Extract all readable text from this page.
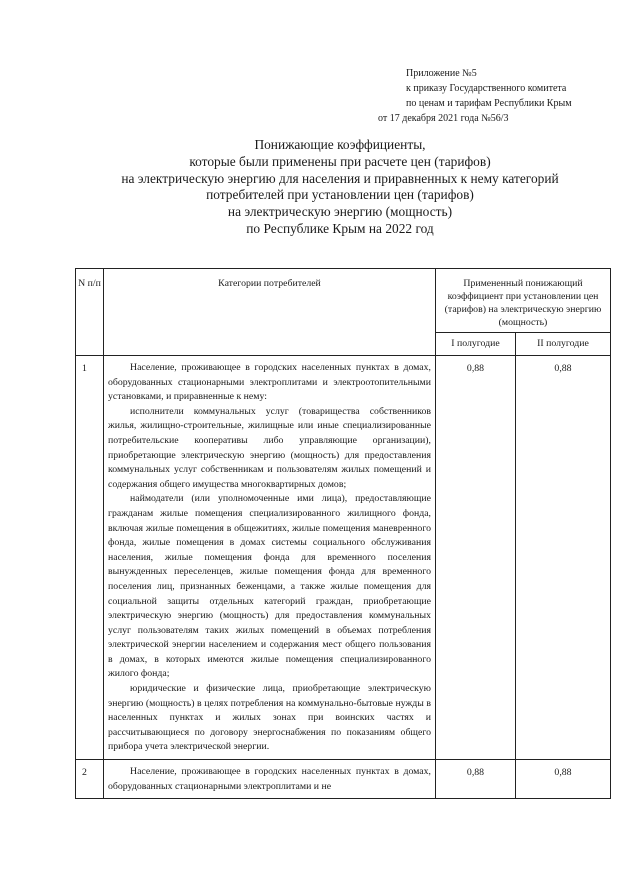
Приложение №5
к приказу Государственного комитета
по ценам и тарифам Республики Крым
от 17 декабря 2021 года №56/3
Понижающие коэффициенты,
которые были применены при расчете цен (тарифов)
на электрическую энергию для населения и приравненных к нему категорий
потребителей при установлении цен (тарифов)
на электрическую энергию (мощность)
по Республике Крым на 2022 год
N п/п	Категории потребителей	Примененный понижающий коэффициент при установлении цен (тарифов) на электрическую энергию (мощность)	
		I полугодие	II полугодие
1	Население, проживающее в городских населенных пунктах в домах, оборудованных стационарными электроплитами и электроотопительными установками, и приравненные к нему:

исполнители коммунальных услуг (товарищества собственников жилья, жилищно-строительные, жилищные или иные специализированные потребительские кооперативы либо управляющие организации), приобретающие электрическую энергию (мощность) для предоставления коммунальных услуг собственникам и пользователям жилых помещений и содержания общего имущества многоквартирных домов;

наймодатели (или уполномоченные ими лица), предоставляющие гражданам жилые помещения специализированного жилищного фонда, включая жилые помещения в общежитиях, жилые помещения маневренного фонда, жилые помещения в домах системы социального обслуживания населения, жилые помещения фонда для временного поселения вынужденных переселенцев, жилые помещения фонда для временного поселения лиц, признанных беженцами, а также жилые помещения для социальной защиты отдельных категорий граждан, приобретающие электрическую энергию (мощность) для предоставления коммунальных услуг пользователям таких жилых помещений в объемах потребления электрической энергии населением и содержания мест общего пользования в домах, в которых имеются жилые помещения специализированного жилого фонда;

юридические и физические лица, приобретающие электрическую энергию (мощность) в целях потребления на коммунально-бытовые нужды в населенных пунктах и жилых зонах при воинских частях и рассчитывающиеся по договору энергоснабжения по показаниям общего прибора учета электрической энергии.	0,88	0,88
2	Население, проживающее в городских населенных пунктах в домах, оборудованных стационарными электроплитами и не	0,88	0,88
